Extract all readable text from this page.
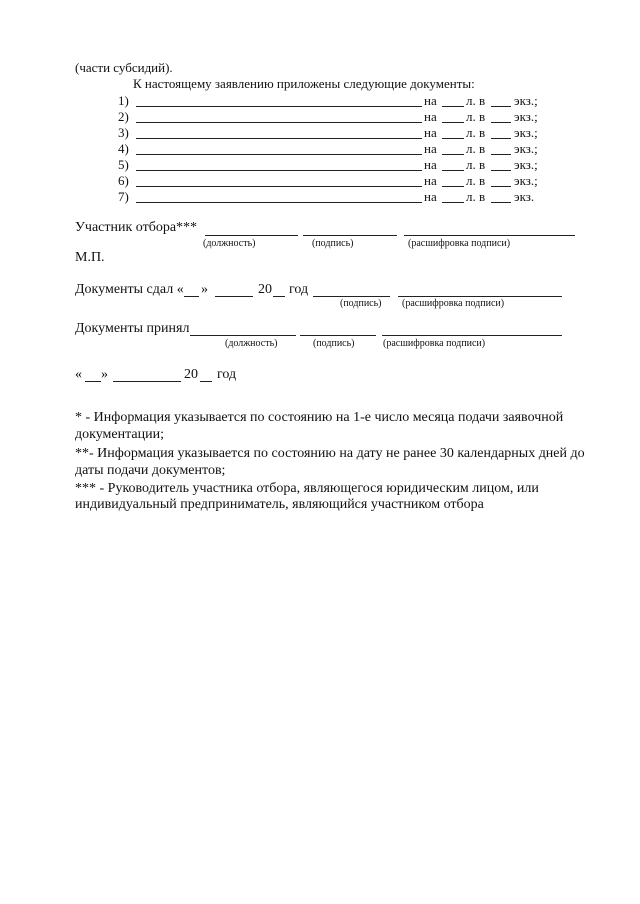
(части субсидий).
К настоящему заявлению приложены следующие документы:
1)	на л. в экз.;
2)	на л. в экз.;
3)	на л. в экз.;
4)	на л. в экз.;
5)	на л. в экз.;
6)	на л. в экз.;
7)	на л. в экз.
Участник отбора***
(должность)	(подпись)	(расшифровка подписи)
М.П.
Документы сдал « »	20 год
(подпись) (расшифровка подписи)
Документы принял
(должность)	(подпись)	(расшифровка подписи)
« »	20 год
* - Информация указывается по состоянию на 1-е число месяца подачи заявочной
документации;
**- Информация указывается по состоянию на дату не ранее 30 календарных дней до
даты подачи документов;
*** - Руководитель участника отбора, являющегося юридическим лицом, или
индивидуальный предприниматель, являющийся участником отбора
